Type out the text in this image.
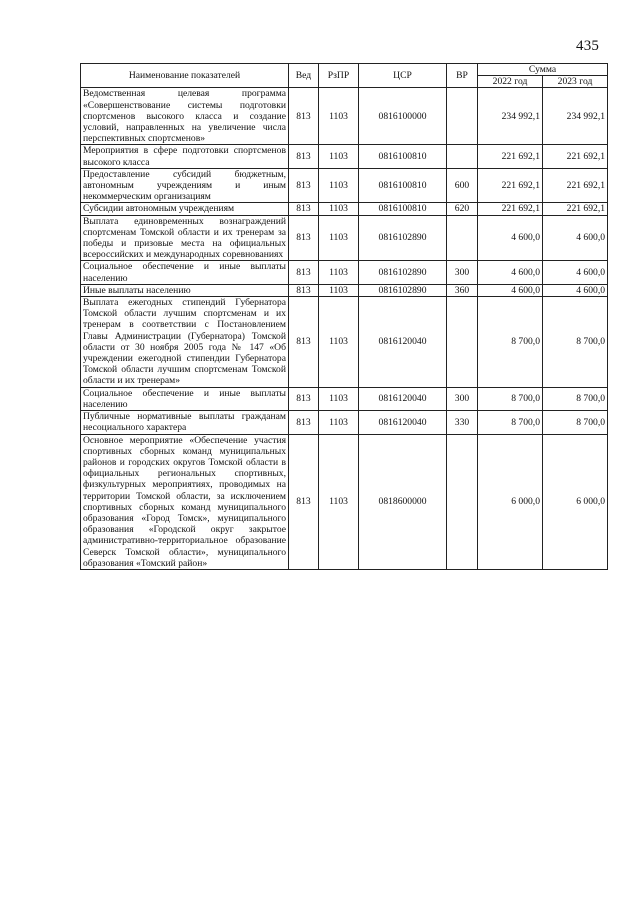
435
Наименование показателей	Вед	РзПР	ЦСР	ВР	Сумма	
					2022 год	2023 год
Ведомственная целевая программа «Совершенствование системы подготовки спортсменов высокого класса и создание условий, направленных на увеличение числа перспективных спортсменов»	813	1103	0816100000		234 992,1	234 992,1
Мероприятия в сфере подготовки спортсменов высокого класса	813	1103	0816100810		221 692,1	221 692,1
Предоставление субсидий бюджетным, автономным учреждениям и иным некоммерческим организациям	813	1103	0816100810	600	221 692,1	221 692,1
Субсидии автономным учреждениям	813	1103	0816100810	620	221 692,1	221 692,1
Выплата единовременных вознаграждений спортсменам Томской области и их тренерам за победы и призовые места на официальных всероссийских и международных соревнованиях	813	1103	0816102890		4 600,0	4 600,0
Социальное обеспечение и иные выплаты населению	813	1103	0816102890	300	4 600,0	4 600,0
Иные выплаты населению	813	1103	0816102890	360	4 600,0	4 600,0
Выплата ежегодных стипендий Губернатора Томской области лучшим спортсменам и их тренерам в соответствии с Постановлением Главы Администрации (Губернатора) Томской области от 30 ноября 2005 года № 147 «Об учреждении ежегодной стипендии Губернатора Томской области лучшим спортсменам Томской области и их тренерам»	813	1103	0816120040		8 700,0	8 700,0
Социальное обеспечение и иные выплаты населению	813	1103	0816120040	300	8 700,0	8 700,0
Публичные нормативные выплаты гражданам несоциального характера	813	1103	0816120040	330	8 700,0	8 700,0
Основное мероприятие «Обеспечение участия спортивных сборных команд муниципальных районов и городских округов Томской области в официальных региональных спортивных, физкультурных мероприятиях, проводимых на территории Томской области, за исключением спортивных сборных команд муниципального образования «Город Томск», муниципального образования «Городской округ закрытое административно-территориальное образование Северск Томской области», муниципального образования «Томский район»	813	1103	0818600000		6 000,0	6 000,0
